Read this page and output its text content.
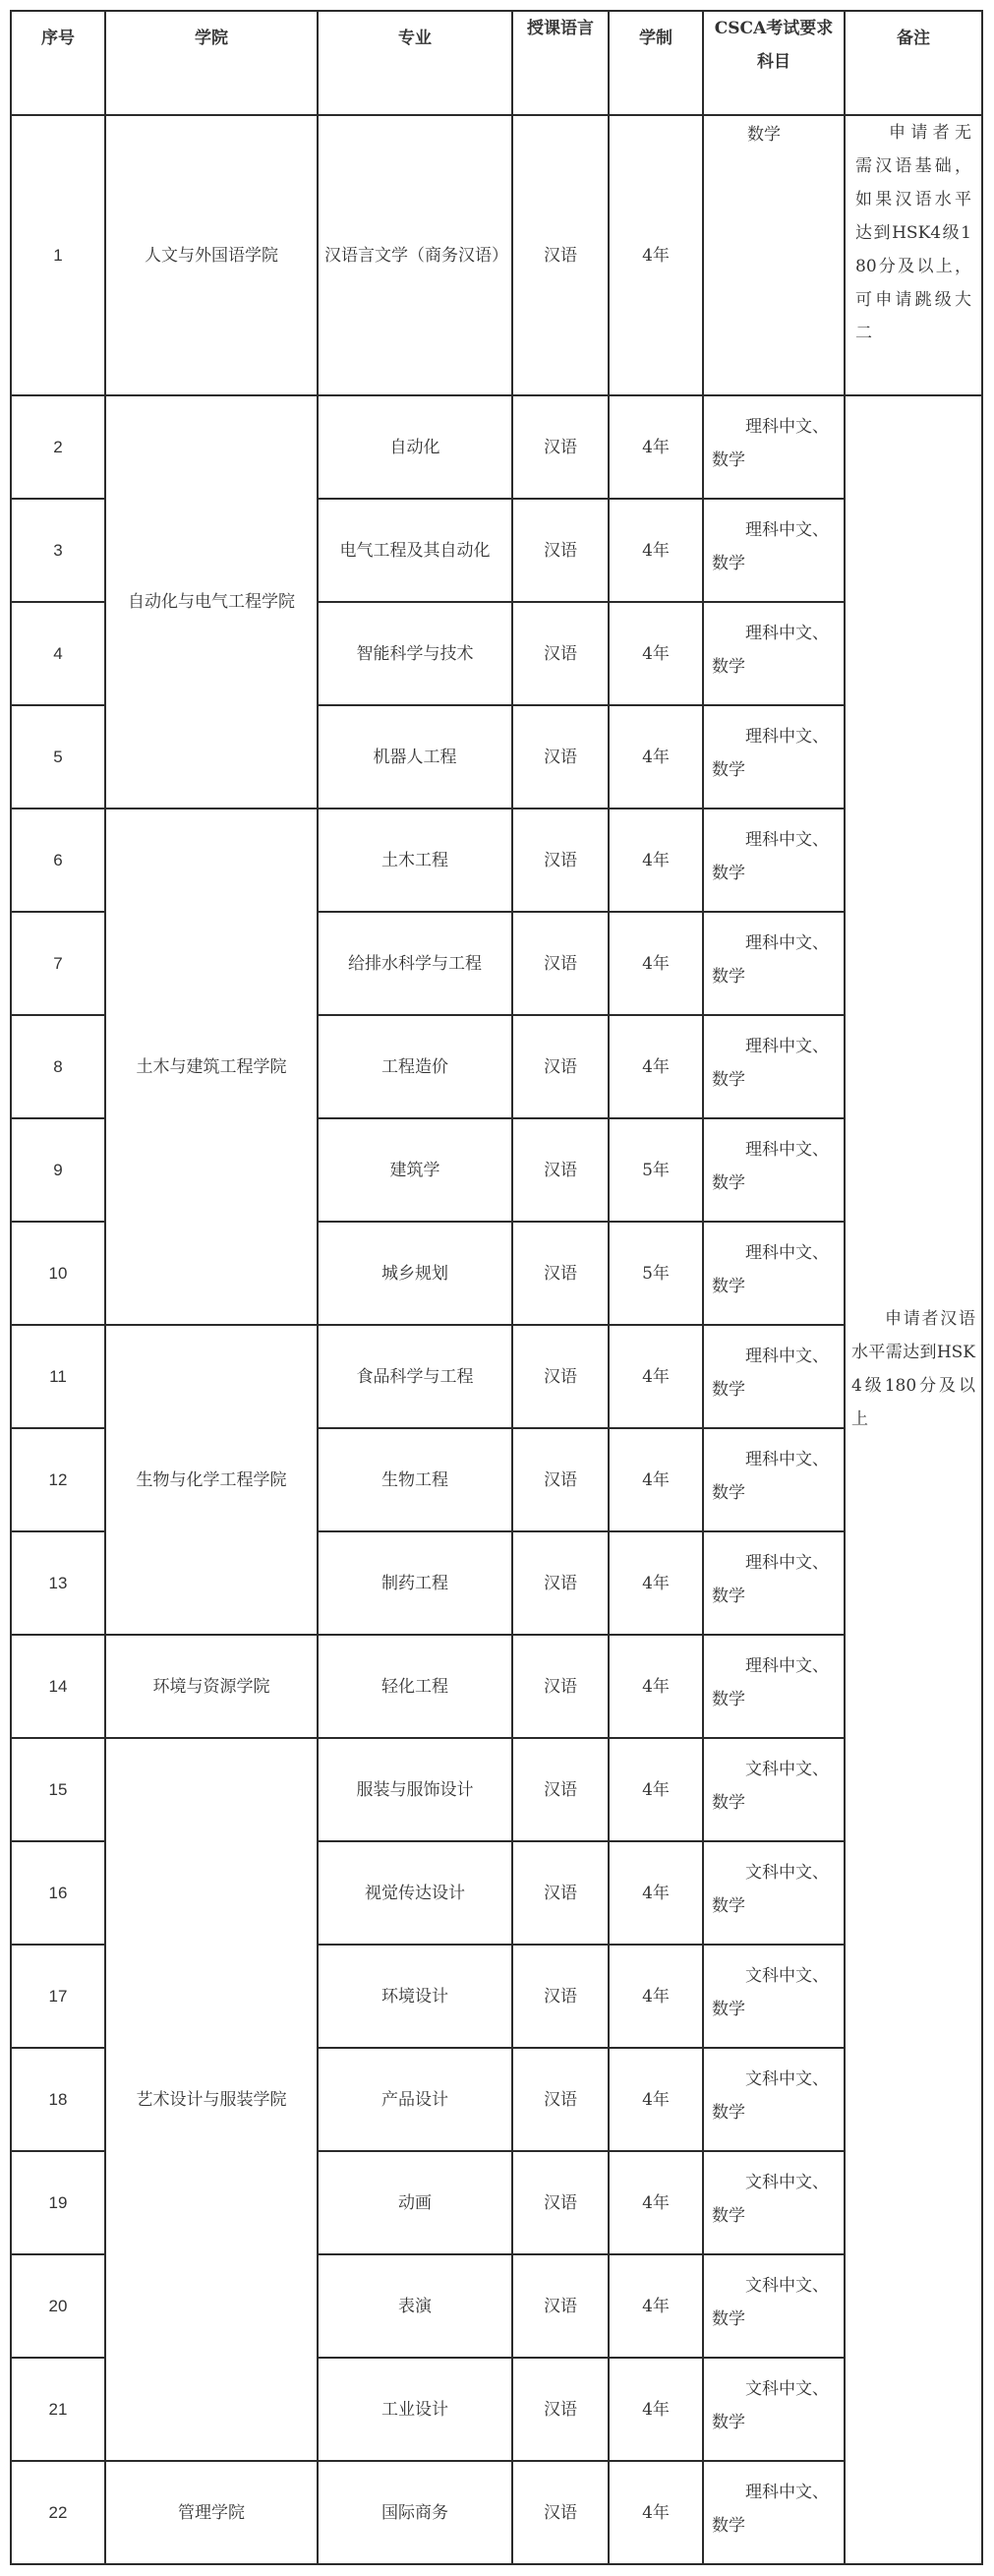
序号	学院	专业	授课语言	学制	CSCA考试要求科目	备注
1	人文与外国语学院	汉语言文学（商务汉语）	汉语	4年	数学	申请者无需汉语基础，如果汉语水平达到HSK4级180分及以上，可申请跳级大二
2	自动化与电气工程学院	自动化	汉语	4年	理科中文、
数学	申请者汉语水平需达到HSK4级180分及以上
3		电气工程及其自动化	汉语	4年	理科中文、
数学	

4		智能科学与技术	汉语	4年	理科中文、
数学	

5		机器人工程	汉语	4年	理科中文、
数学	

6	土木与建筑工程学院	土木工程	汉语	4年	理科中文、
数学	

7		给排水科学与工程	汉语	4年	理科中文、
数学	

8		工程造价	汉语	4年	理科中文、
数学	

9		建筑学	汉语	5年	理科中文、
数学	

10		城乡规划	汉语	5年	理科中文、
数学	

11	生物与化学工程学院	食品科学与工程	汉语	4年	理科中文、
数学	

12		生物工程	汉语	4年	理科中文、
数学	

13		制药工程	汉语	4年	理科中文、
数学	

14	环境与资源学院	轻化工程	汉语	4年	理科中文、
数学	

15	艺术设计与服装学院	服装与服饰设计	汉语	4年	文科中文、
数学	

16		视觉传达设计	汉语	4年	文科中文、
数学	

17		环境设计	汉语	4年	文科中文、
数学	

18		产品设计	汉语	4年	文科中文、
数学	

19		动画	汉语	4年	文科中文、
数学	

20		表演	汉语	4年	文科中文、
数学	

21		工业设计	汉语	4年	文科中文、
数学	

22	管理学院	国际商务	汉语	4年	理科中文、
数学	
